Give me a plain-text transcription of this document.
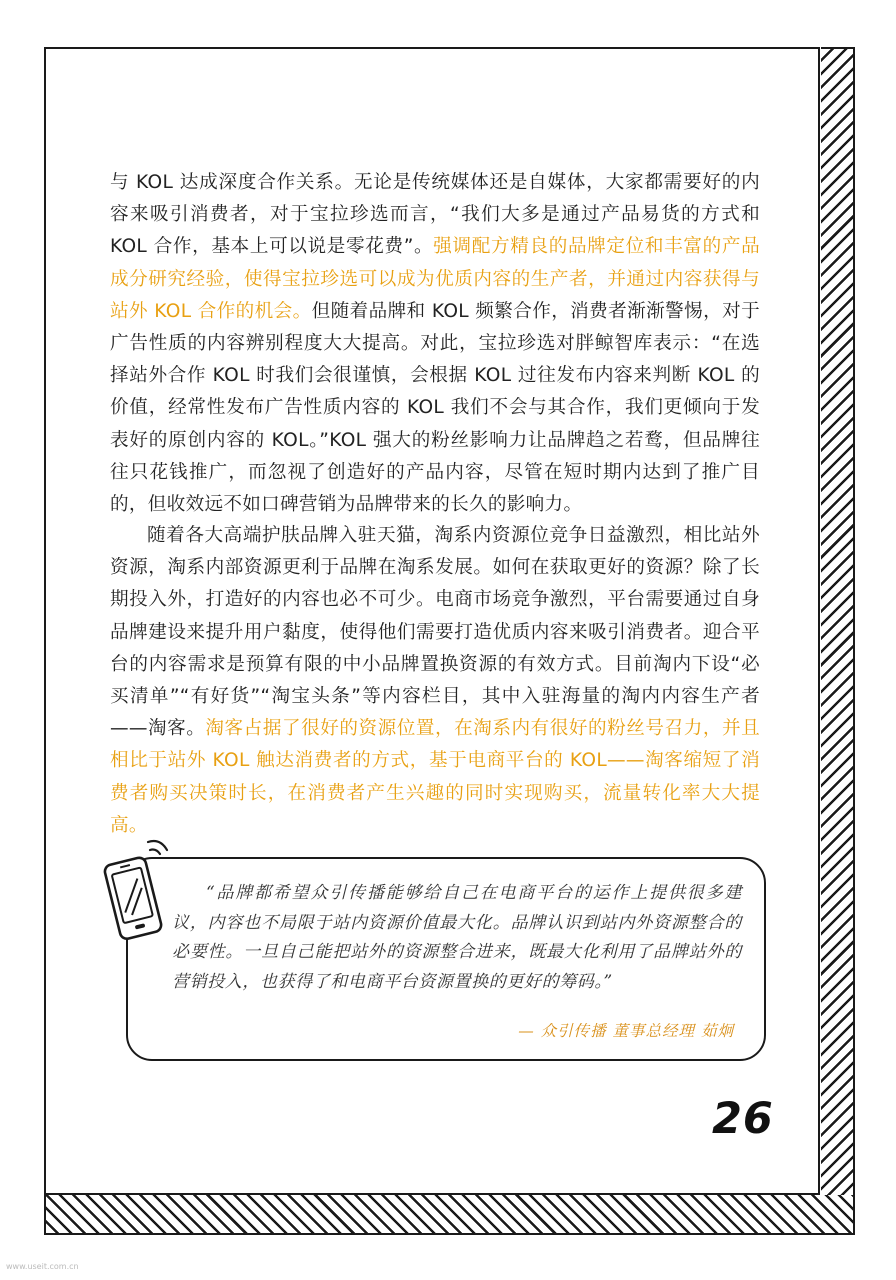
与 KOL 达成深度合作关系。无论是传统媒体还是自媒体，大家都需要好的内容来吸引消费者，对于宝拉珍选而言，“我们大多是通过产品易货的方式和 KOL 合作，基本上可以说是零花费”。强调配方精良的品牌定位和丰富的产品成分研究经验，使得宝拉珍选可以成为优质内容的生产者，并通过内容获得与站外 KOL 合作的机会。但随着品牌和 KOL 频繁合作，消费者渐渐警惕，对于广告性质的内容辨别程度大大提高。对此，宝拉珍选对胖鲸智库表示：“在选择站外合作 KOL 时我们会很谨慎，会根据 KOL 过往发布内容来判断 KOL 的价值，经常性发布广告性质内容的 KOL 我们不会与其合作，我们更倾向于发表好的原创内容的 KOL。”KOL 强大的粉丝影响力让品牌趋之若鹜，但品牌往往只花钱推广，而忽视了创造好的产品内容，尽管在短时期内达到了推广目的，但收效远不如口碑营销为品牌带来的长久的影响力。

随着各大高端护肤品牌入驻天猫，淘系内资源位竞争日益激烈，相比站外资源，淘系内部资源更利于品牌在淘系发展。如何在获取更好的资源？除了长期投入外，打造好的内容也必不可少。电商市场竞争激烈，平台需要通过自身品牌建设来提升用户黏度，使得他们需要打造优质内容来吸引消费者。迎合平台的内容需求是预算有限的中小品牌置换资源的有效方式。目前淘内下设“必买清单”“有好货”“淘宝头条”等内容栏目，其中入驻海量的淘内内容生产者——淘客。淘客占据了很好的资源位置，在淘系内有很好的粉丝号召力，并且相比于站外 KOL 触达消费者的方式，基于电商平台的 KOL——淘客缩短了消费者购买决策时长，在消费者产生兴趣的同时实现购买，流量转化率大大提高。

“品牌都希望众引传播能够给自己在电商平台的运作上提供很多建议，内容也不局限于站内资源价值最大化。品牌认识到站内外资源整合的必要性。一旦自己能把站外的资源整合进来，既最大化利用了品牌站外的营销投入，也获得了和电商平台资源置换的更好的筹码。”

— 众引传播 董事总经理 茹炯

26

www.useit.com.cn
